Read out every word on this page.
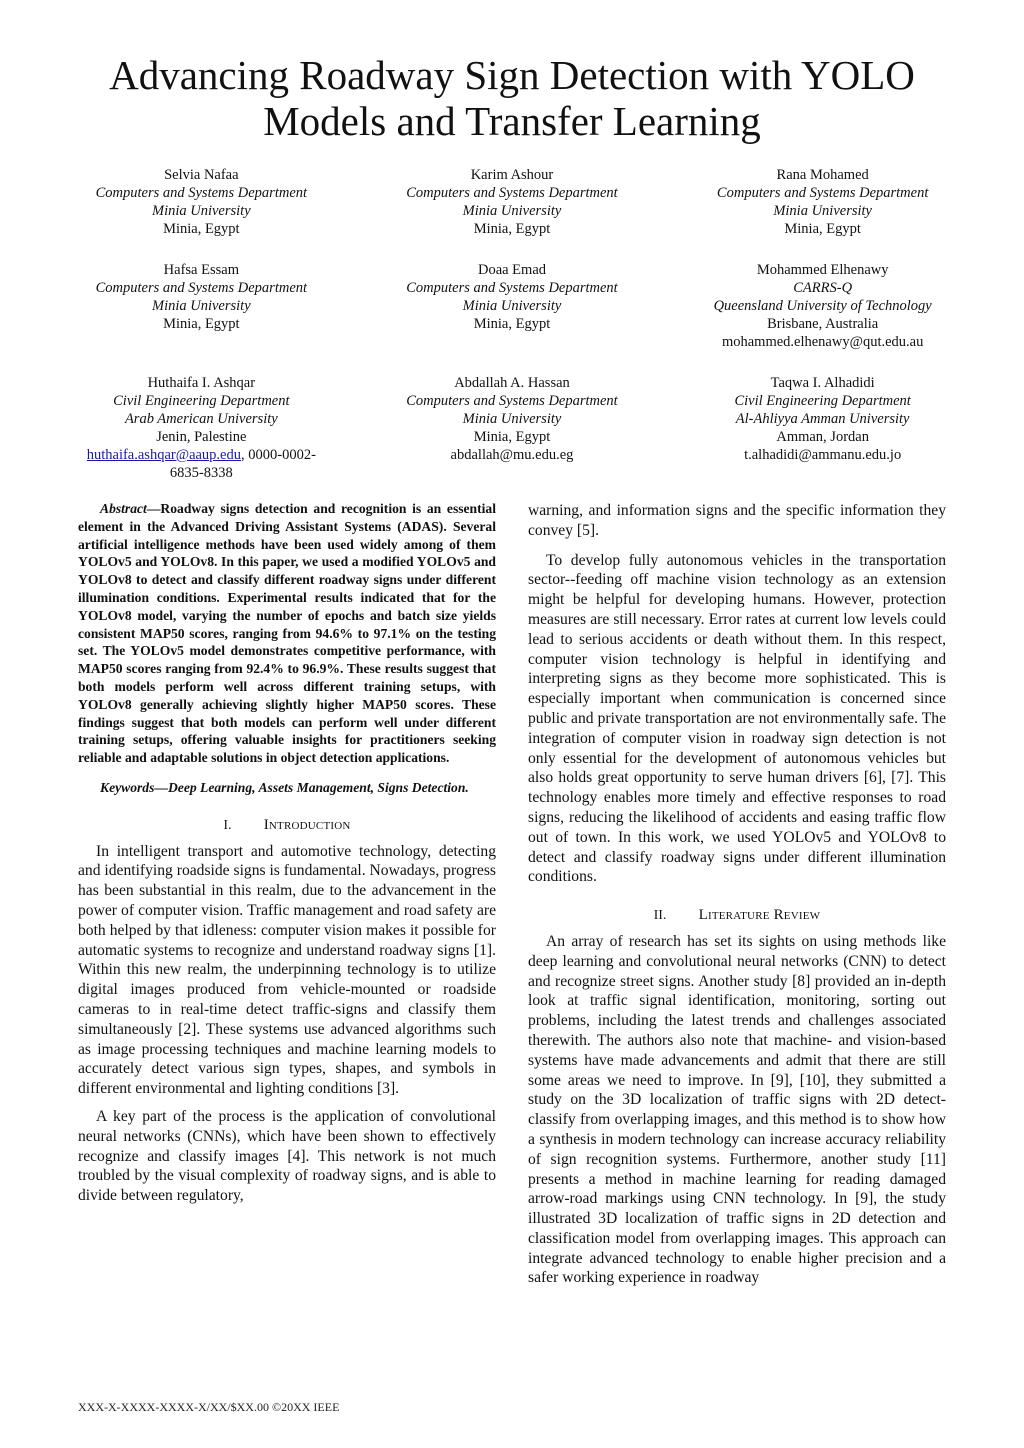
Advancing Roadway Sign Detection with YOLO
Models and Transfer Learning
Selvia Nafaa
Computers and Systems Department
Minia University
Minia, Egypt
Karim Ashour
Computers and Systems Department
Minia University
Minia, Egypt
Rana Mohamed
Computers and Systems Department
Minia University
Minia, Egypt
Hafsa Essam
Computers and Systems Department
Minia University
Minia, Egypt
Doaa Emad
Computers and Systems Department
Minia University
Minia, Egypt
Mohammed Elhenawy
CARRS-Q
Queensland University of Technology
Brisbane, Australia
mohammed.elhenawy@qut.edu.au
Huthaifa I. Ashqar
Civil Engineering Department
Arab American University
Jenin, Palestine
huthaifa.ashqar@aaup.edu, 0000-0002-
6835-8338
Abdallah A. Hassan
Computers and Systems Department
Minia University
Minia, Egypt
abdallah@mu.edu.eg
Taqwa I. Alhadidi
Civil Engineering Department
Al-Ahliyya Amman University
Amman, Jordan
t.alhadidi@ammanu.edu.jo

Abstract—Roadway signs detection and recognition is an essential element in the Advanced Driving Assistant Systems (ADAS). Several artificial intelligence methods have been used widely among of them YOLOv5 and YOLOv8. In this paper, we used a modified YOLOv5 and YOLOv8 to detect and classify different roadway signs under different illumination conditions. Experimental results indicated that for the YOLOv8 model, varying the number of epochs and batch size yields consistent MAP50 scores, ranging from 94.6% to 97.1% on the testing set. The YOLOv5 model demonstrates competitive performance, with MAP50 scores ranging from 92.4% to 96.9%. These results suggest that both models perform well across different training setups, with YOLOv8 generally achieving slightly higher MAP50 scores. These findings suggest that both models can perform well under different training setups, offering valuable insights for practitioners seeking reliable and adaptable solutions in object detection applications.

Keywords—Deep Learning, Assets Management, Signs Detection.

I. Introduction

In intelligent transport and automotive technology, detecting and identifying roadside signs is fundamental. Nowadays, progress has been substantial in this realm, due to the advancement in the power of computer vision. Traffic management and road safety are both helped by that idleness: computer vision makes it possible for automatic systems to recognize and understand roadway signs [1]. Within this new realm, the underpinning technology is to utilize digital images produced from vehicle-mounted or roadside cameras to in real-time detect traffic-signs and classify them simultaneously [2]. These systems use advanced algorithms such as image processing techniques and machine learning models to accurately detect various sign types, shapes, and symbols in different environmental and lighting conditions [3].

A key part of the process is the application of convolutional neural networks (CNNs), which have been shown to effectively recognize and classify images [4]. This network is not much troubled by the visual complexity of roadway signs, and is able to divide between regulatory,

warning, and information signs and the specific information they convey [5].

To develop fully autonomous vehicles in the transportation sector--feeding off machine vision technology as an extension might be helpful for developing humans. However, protection measures are still necessary. Error rates at current low levels could lead to serious accidents or death without them. In this respect, computer vision technology is helpful in identifying and interpreting signs as they become more sophisticated. This is especially important when communication is concerned since public and private transportation are not environmentally safe. The integration of computer vision in roadway sign detection is not only essential for the development of autonomous vehicles but also holds great opportunity to serve human drivers [6], [7]. This technology enables more timely and effective responses to road signs, reducing the likelihood of accidents and easing traffic flow out of town. In this work, we used YOLOv5 and YOLOv8 to detect and classify roadway signs under different illumination conditions.

II. Literature Review

An array of research has set its sights on using methods like deep learning and convolutional neural networks (CNN) to detect and recognize street signs. Another study [8] provided an in-depth look at traffic signal identification, monitoring, sorting out problems, including the latest trends and challenges associated therewith. The authors also note that machine- and vision-based systems have made advancements and admit that there are still some areas we need to improve. In [9], [10], they submitted a study on the 3D localization of traffic signs with 2D detect-classify from overlapping images, and this method is to show how a synthesis in modern technology can increase accuracy reliability of sign recognition systems. Furthermore, another study [11] presents a method in machine learning for reading damaged arrow-road markings using CNN technology. In [9], the study illustrated 3D localization of traffic signs in 2D detection and classification model from overlapping images. This approach can integrate advanced technology to enable higher precision and a safer working experience in roadway

XXX-X-XXXX-XXXX-X/XX/$XX.00 ©20XX IEEE
